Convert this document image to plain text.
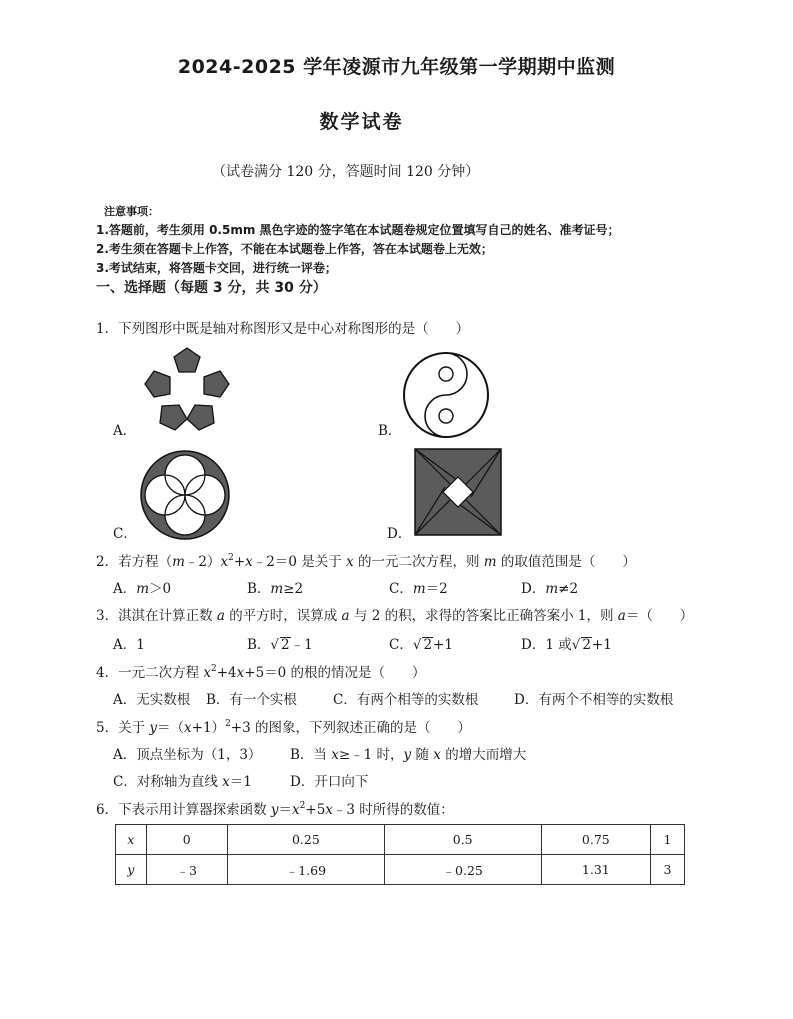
2024-2025 学年凌源市九年级第一学期期中监测
数学试卷
（试卷满分 120 分，答题时间 120 分钟）
注意事项：
1.答题前，考生须用 0.5mm 黑色字迹的签字笔在本试题卷规定位置填写自己的姓名、准考证号；
2.考生须在答题卡上作答，不能在本试题卷上作答，答在本试题卷上无效；
3.考试结束，将答题卡交回，进行统一评卷；
一、选择题（每题 3 分，共 30 分）
1．下列图形中既是轴对称图形又是中心对称图形的是（　　）
A．	B．
C．	D．
2．若方程$(m﹣2)x^2+x﹣2=0$ 是关于 x 的一元二次方程，则 m 的取值范围是（　　）
A．m＞0	B．m≥2	C．m＝2	D．m≠2
3．淇淇在计算正数 a 的平方时，误算成 a 与 2 的积，求得的答案比正确答案小 1，则 a＝（　　）
A．1	B．√ 2﹣1	C．√ 2+1	D．1 或√ 2+1
4．一元二次方程 $x^2+4x+5=0$ 的根的情况是（　　）
A．无实数根 B．有一个实根	C．有两个相等的实数根	D．有两个不相等的实数根
5．关于 $y=(x+1)^2+3$ 的图象，下列叙述正确的是（　　）
A．顶点坐标为（1，3） B．当 x≥﹣1 时，y 随 x 的增大而增大
C．对称轴为直线 x＝1	D．开口向下
6．下表示用计算器探索函数 $y=x^2+5x﹣3$ 时所得的数值：
x	0	0.25	0.5	0.75	1
y	﹣3	﹣1.69	﹣0.25	1.31	3
